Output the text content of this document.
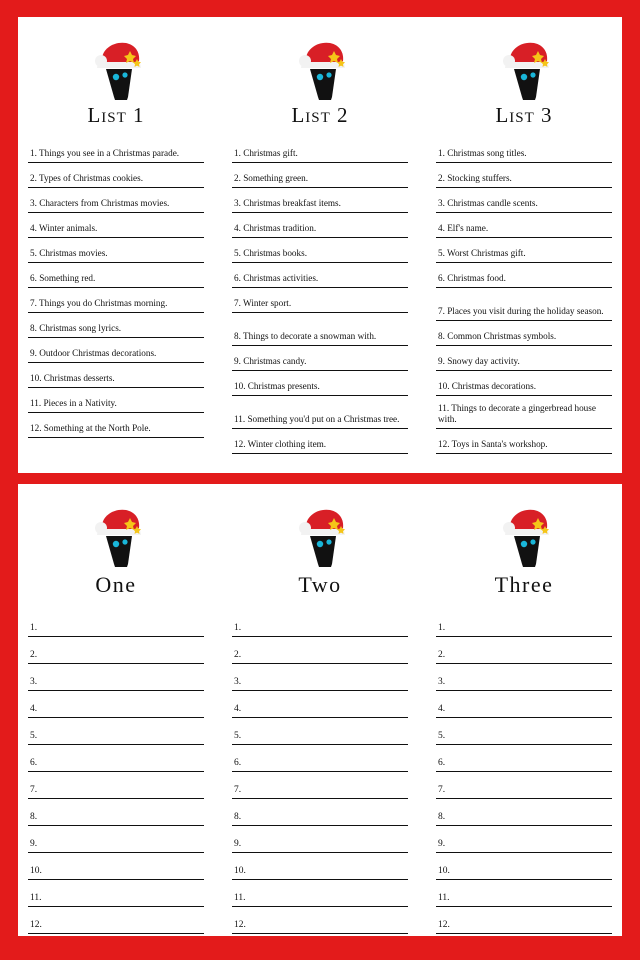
List 1
1. Things you see in a Christmas parade.
2. Types of Christmas cookies.
3. Characters from Christmas movies.
4. Winter animals.
5. Christmas movies.
6. Something red.
7. Things you do Christmas morning.
8. Christmas song lyrics.
9. Outdoor Christmas decorations.
10. Christmas desserts.
11. Pieces in a Nativity.
12. Something at the North Pole.
List 2
1. Christmas gift.
2. Something green.
3. Christmas breakfast items.
4. Christmas tradition.
5. Christmas books.
6. Christmas activities.
7. Winter sport.
8. Things to decorate a snowman with.
9. Christmas candy.
10. Christmas presents.
11. Something you'd put on a Christmas tree.
12. Winter clothing item.
List 3
1. Christmas song titles.
2. Stocking stuffers.
3. Christmas candle scents.
4. Elf's name.
5. Worst Christmas gift.
6. Christmas food.
7. Places you visit during the holiday season.
8. Common Christmas symbols.
9. Snowy day activity.
10. Christmas decorations.
11. Things to decorate a gingerbread house with.
12. Toys in Santa's workshop.
One
1.
2.
3.
4.
5.
6.
7.
8.
9.
10.
11.
12.
Two
1.
2.
3.
4.
5.
6.
7.
8.
9.
10.
11.
12.
Three
1.
2.
3.
4.
5.
6.
7.
8.
9.
10.
11.
12.
